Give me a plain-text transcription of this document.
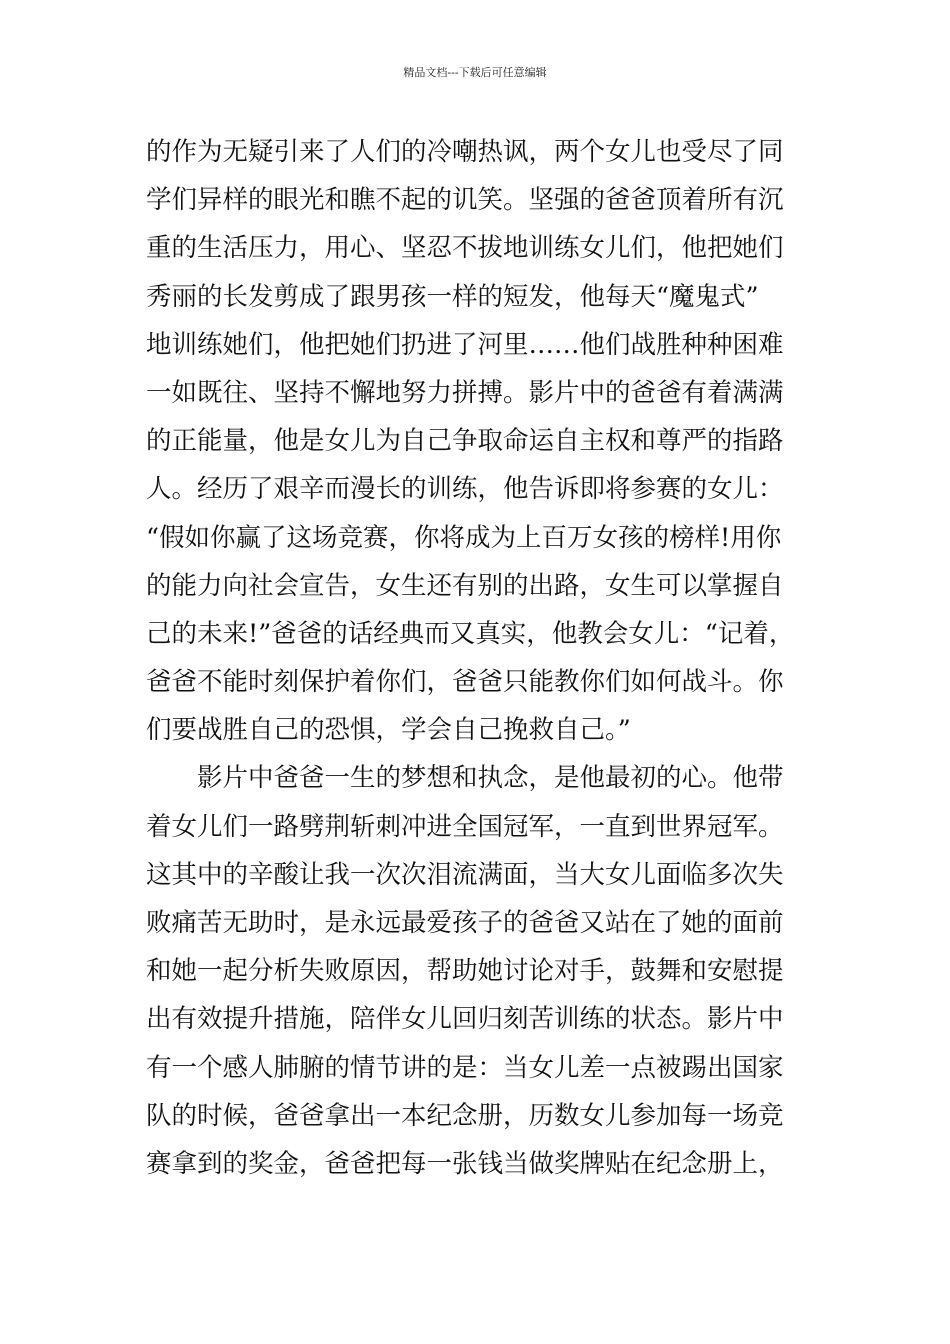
精品文档---下载后可任意编辑
的作为无疑引来了人们的冷嘲热讽，两个女儿也受尽了同
学们异样的眼光和瞧不起的讥笑。坚强的爸爸顶着所有沉
重的生活压力，用心、坚忍不拔地训练女儿们，他把她们
秀丽的长发剪成了跟男孩一样的短发，他每天“魔鬼式”
地训练她们，他把她们扔进了河里……他们战胜种种困难
一如既往、坚持不懈地努力拼搏。影片中的爸爸有着满满
的正能量，他是女儿为自己争取命运自主权和尊严的指路
人。经历了艰辛而漫长的训练，他告诉即将参赛的女儿：
“假如你赢了这场竞赛，你将成为上百万女孩的榜样!用你
的能力向社会宣告，女生还有别的出路，女生可以掌握自
己的未来!”爸爸的话经典而又真实，他教会女儿：“记着，
爸爸不能时刻保护着你们，爸爸只能教你们如何战斗。你
们要战胜自己的恐惧，学会自己挽救自己。”
　　影片中爸爸一生的梦想和执念，是他最初的心。他带
着女儿们一路劈荆斩刺冲进全国冠军，一直到世界冠军。
这其中的辛酸让我一次次泪流满面，当大女儿面临多次失
败痛苦无助时，是永远最爱孩子的爸爸又站在了她的面前
和她一起分析失败原因，帮助她讨论对手，鼓舞和安慰提
出有效提升措施，陪伴女儿回归刻苦训练的状态。影片中
有一个感人肺腑的情节讲的是：当女儿差一点被踢出国家
队的时候，爸爸拿出一本纪念册，历数女儿参加每一场竞
赛拿到的奖金，爸爸把每一张钱当做奖牌贴在纪念册上，
